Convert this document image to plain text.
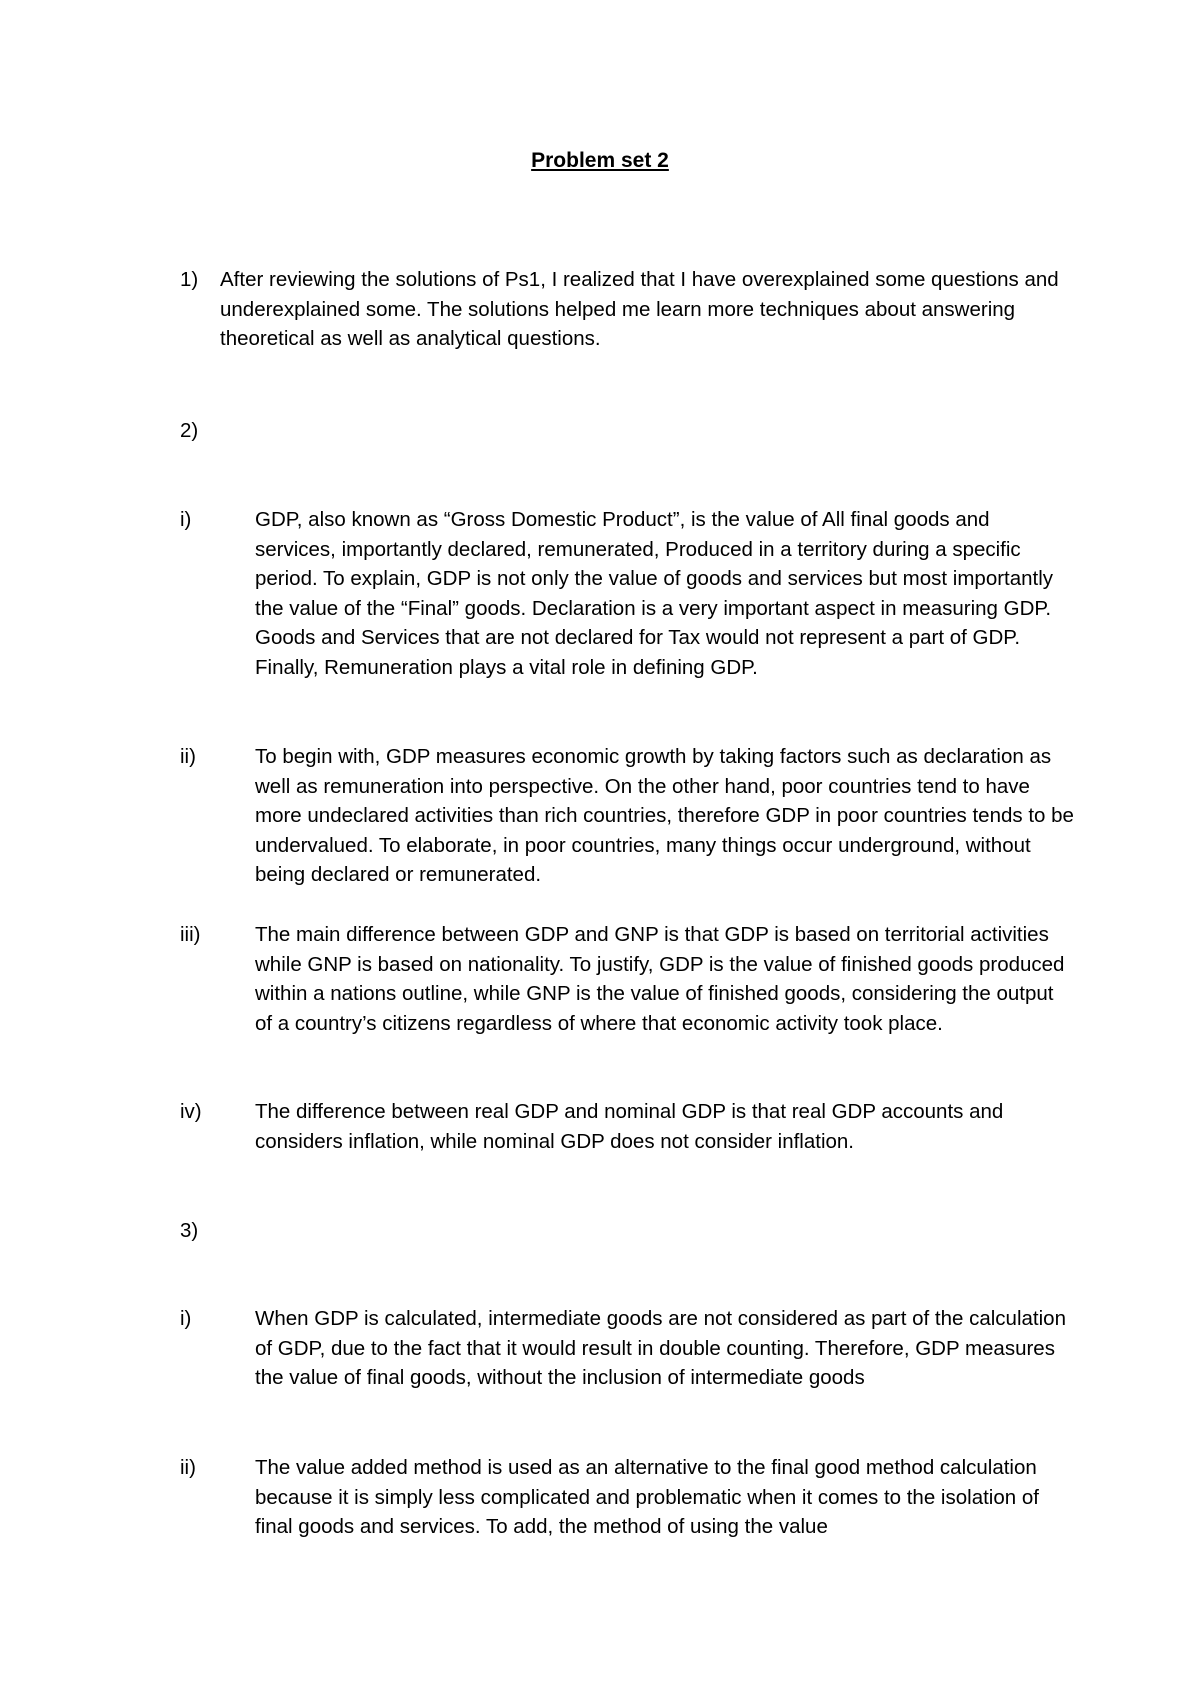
Problem set 2
1) After reviewing the solutions of Ps1, I realized that I have overexplained some questions and underexplained some. The solutions helped me learn more techniques about answering theoretical as well as analytical questions.
2)
i)	GDP, also known as “Gross Domestic Product”, is the value of All final goods and services, importantly declared, remunerated, Produced in a territory during a specific period. To explain, GDP is not only the value of goods and services but most importantly the value of the “Final” goods. Declaration is a very important aspect in measuring GDP. Goods and Services that are not declared for Tax would not represent a part of GDP. Finally, Remuneration plays a vital role in defining GDP.
ii)	To begin with, GDP measures economic growth by taking factors such as declaration as well as remuneration into perspective. On the other hand, poor countries tend to have more undeclared activities than rich countries, therefore GDP in poor countries tends to be undervalued. To elaborate, in poor countries, many things occur underground, without being declared or remunerated.
iii)	The main difference between GDP and GNP is that GDP is based on territorial activities while GNP is based on nationality. To justify, GDP is the value of finished goods produced within a nations outline, while GNP is the value of finished goods, considering the output of a country’s citizens regardless of where that economic activity took place.
iv)	The difference between real GDP and nominal GDP is that real GDP accounts and considers inflation, while nominal GDP does not consider inflation.
3)
i)	When GDP is calculated, intermediate goods are not considered as part of the calculation of GDP, due to the fact that it would result in double counting. Therefore, GDP measures the value of final goods, without the inclusion of intermediate goods
ii)	The value added method is used as an alternative to the final good method calculation because it is simply less complicated and problematic when it comes to the isolation of final goods and services. To add, the method of using the value
